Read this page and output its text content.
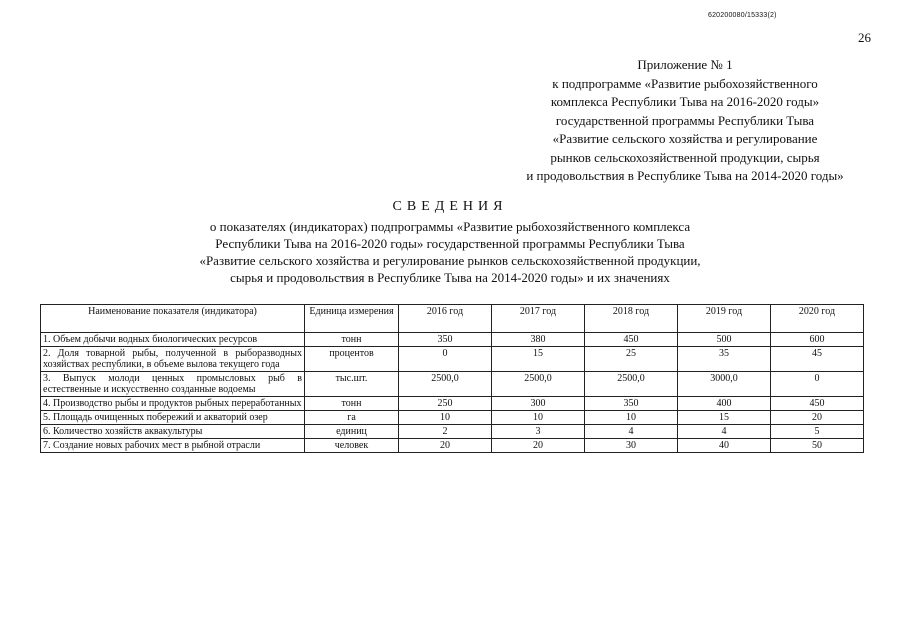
620200080/15333(2)
26
Приложение № 1
к подпрограмме «Развитие рыбохозяйственного
комплекса Республики Тыва на 2016-2020 годы»
государственной программы Республики Тыва
«Развитие сельского хозяйства и регулирование
рынков сельскохозяйственной продукции, сырья
и продовольствия в Республике Тыва на 2014-2020 годы»
СВЕДЕНИЯ
о показателях (индикаторах) подпрограммы «Развитие рыбохозяйственного комплекса
Республики Тыва на 2016-2020 годы» государственной программы Республики Тыва
«Развитие сельского хозяйства и регулирование рынков сельскохозяйственной продукции,
сырья и продовольствия в Республике Тыва на 2014-2020 годы» и их значениях
Наименование показателя (индикатора)	Единица измерения	2016 год	2017 год	2018 год	2019 год	2020 год
1. Объем добычи водных биологических ресурсов	тонн	350	380	450	500	600
2. Доля товарной рыбы, полученной в рыборазводных хозяйствах республики, в объеме вылова текущего года	процентов	0	15	25	35	45
3. Выпуск молоди ценных промысловых рыб в естественные и искусственно созданные водоемы	тыс.шт.	2500,0	2500,0	2500,0	3000,0	0
4. Производство рыбы и продуктов рыбных переработанных	тонн	250	300	350	400	450
5. Площадь очищенных побережий и акваторий озер	га	10	10	10	15	20
6. Количество хозяйств аквакультуры	единиц	2	3	4	4	5
7. Создание новых рабочих мест в рыбной отрасли	человек	20	20	30	40	50
